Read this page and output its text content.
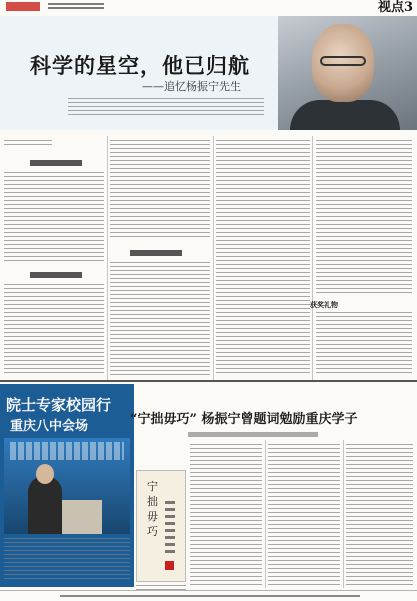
视点3
科学的星空，他已归航
——追忆杨振宁先生
获奖礼物
院士专家校园行
重庆八中会场	“宁拙毋巧” 杨振宁曾题词勉励重庆学子
宁拙毋巧
